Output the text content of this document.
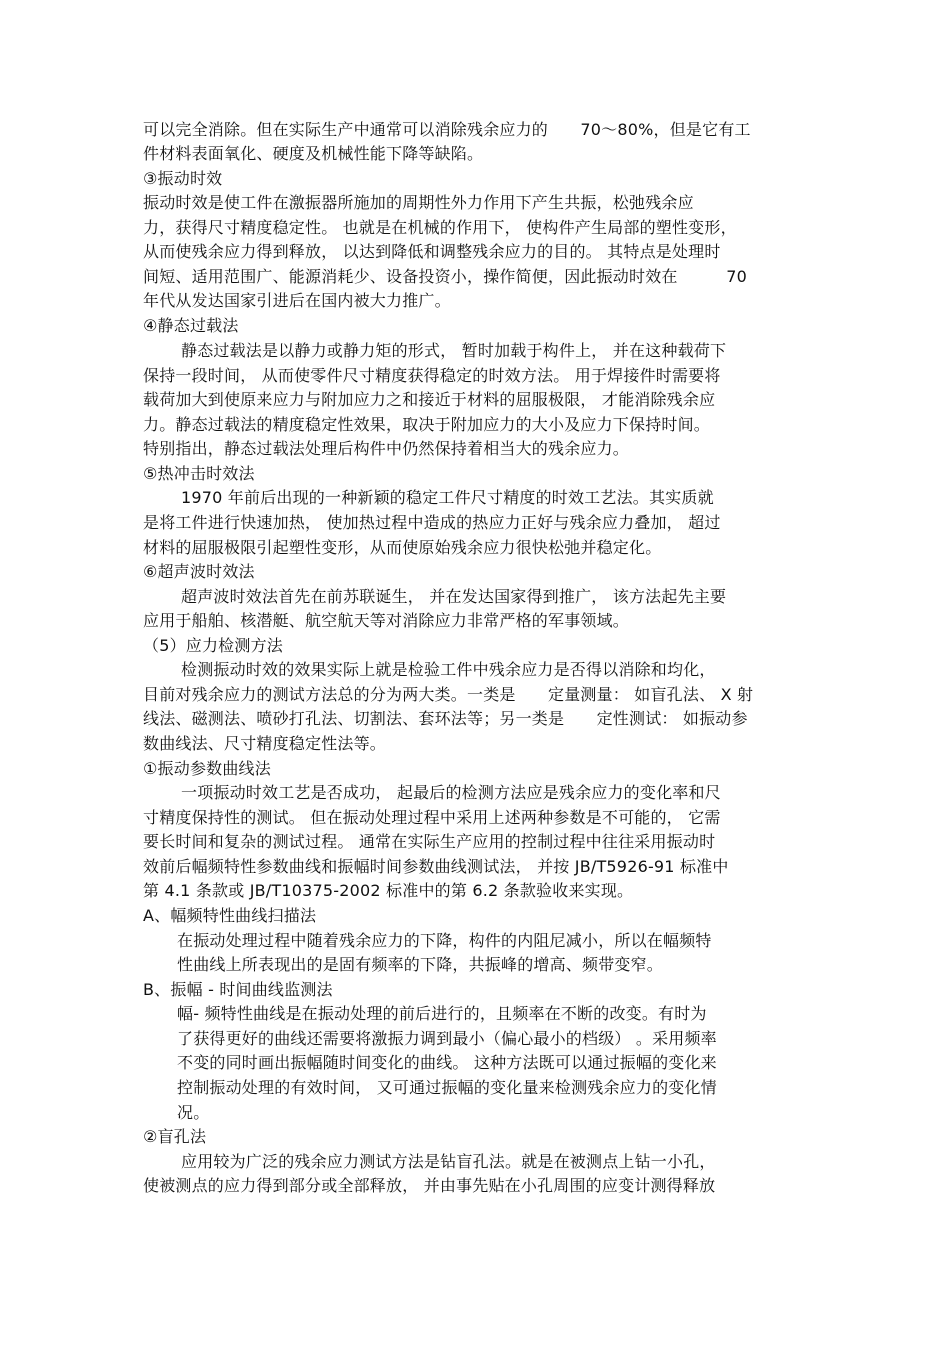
可以完全消除。但在实际生产中通常可以消除残余应力的　　70～80%，但是它有工
件材料表面氧化、硬度及机械性能下降等缺陷。
③振动时效
振动时效是使工件在激振器所施加的周期性外力作用下产生共振，松弛残余应
力，获得尺寸精度稳定性。 也就是在机械的作用下， 使构件产生局部的塑性变形，
从而使残余应力得到释放， 以达到降低和调整残余应力的目的。 其特点是处理时
间短、适用范围广、能源消耗少、设备投资小，操作简便，因此振动时效在　　　70
年代从发达国家引进后在国内被大力推广。
④静态过载法
静态过载法是以静力或静力矩的形式， 暂时加载于构件上， 并在这种载荷下
保持一段时间， 从而使零件尺寸精度获得稳定的时效方法。 用于焊接件时需要将
载荷加大到使原来应力与附加应力之和接近于材料的屈服极限， 才能消除残余应
力。静态过载法的精度稳定性效果，取决于附加应力的大小及应力下保持时间。
特别指出，静态过载法处理后构件中仍然保持着相当大的残余应力。
⑤热冲击时效法
1970 年前后出现的一种新颖的稳定工件尺寸精度的时效工艺法。其实质就
是将工件进行快速加热， 使加热过程中造成的热应力正好与残余应力叠加， 超过
材料的屈服极限引起塑性变形，从而使原始残余应力很快松弛并稳定化。
⑥超声波时效法
超声波时效法首先在前苏联诞生， 并在发达国家得到推广， 该方法起先主要
应用于船舶、核潜艇、航空航天等对消除应力非常严格的军事领域。
（5）应力检测方法
检测振动时效的效果实际上就是检验工件中残余应力是否得以消除和均化，
目前对残余应力的测试方法总的分为两大类。一类是　　定量测量： 如盲孔法、 X 射
线法、磁测法、喷砂打孔法、切割法、套环法等；另一类是　　定性测试： 如振动参
数曲线法、尺寸精度稳定性法等。
①振动参数曲线法
一项振动时效工艺是否成功， 起最后的检测方法应是残余应力的变化率和尺
寸精度保持性的测试。 但在振动处理过程中采用上述两种参数是不可能的， 它需
要长时间和复杂的测试过程。 通常在实际生产应用的控制过程中往往采用振动时
效前后幅频特性参数曲线和振幅时间参数曲线测试法， 并按 JB/T5926-91 标准中
第 4.1 条款或 JB/T10375-2002 标准中的第 6.2 条款验收来实现。
A、幅频特性曲线扫描法
在振动处理过程中随着残余应力的下降，构件的内阻尼减小，所以在幅频特
性曲线上所表现出的是固有频率的下降，共振峰的增高、频带变窄。
B、振幅 - 时间曲线监测法
幅- 频特性曲线是在振动处理的前后进行的，且频率在不断的改变。有时为
了获得更好的曲线还需要将激振力调到最小（偏心最小的档级） 。采用频率
不变的同时画出振幅随时间变化的曲线。 这种方法既可以通过振幅的变化来
控制振动处理的有效时间， 又可通过振幅的变化量来检测残余应力的变化情
况。
②盲孔法
应用较为广泛的残余应力测试方法是钻盲孔法。就是在被测点上钻一小孔，
使被测点的应力得到部分或全部释放， 并由事先贴在小孔周围的应变计测得释放
